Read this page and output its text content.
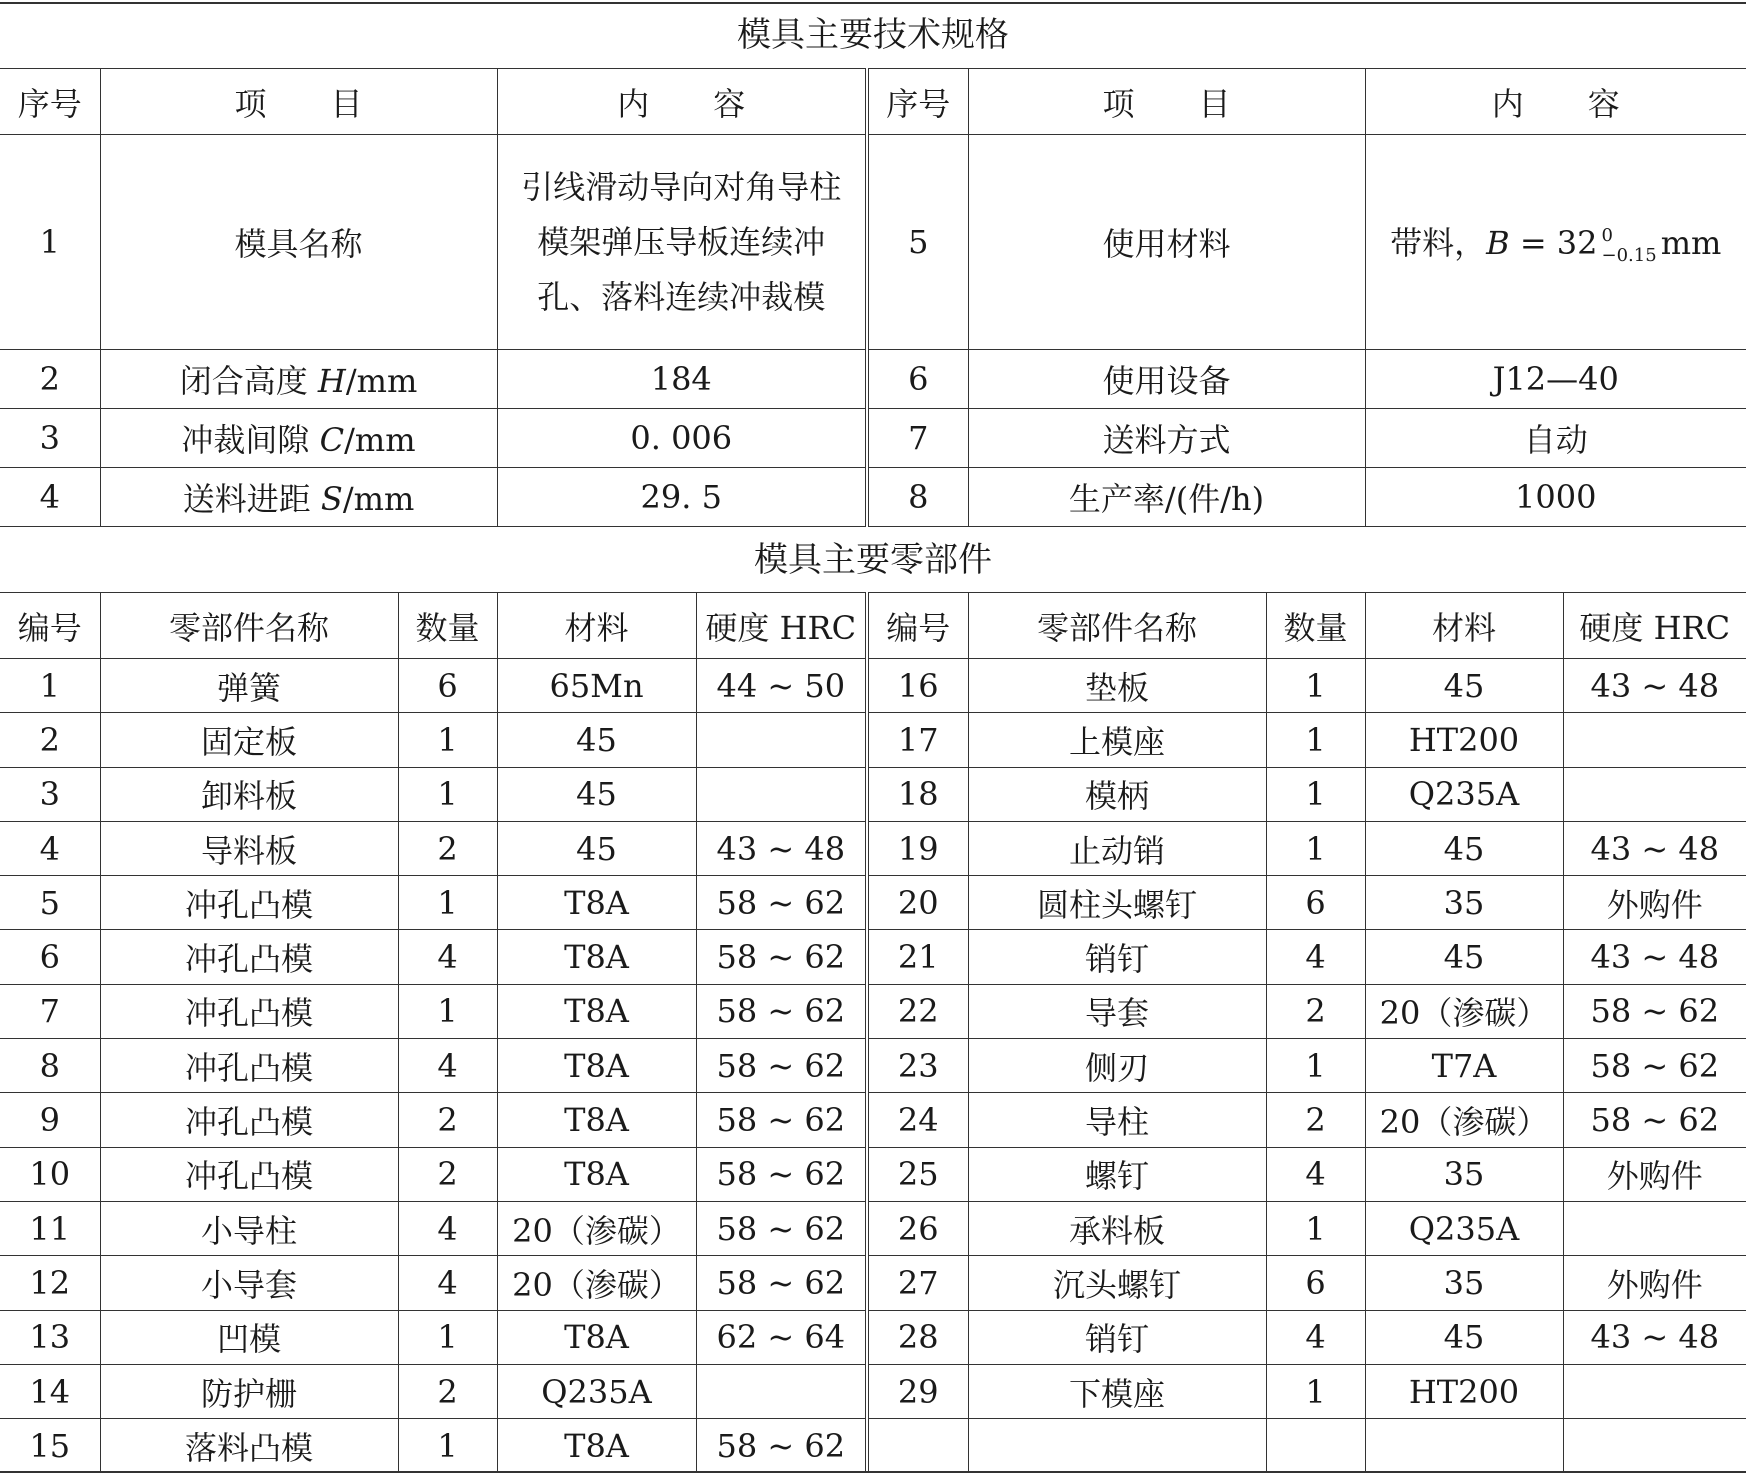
模具主要技术规格
序号	项　　目	内　　容	序号	项　　目	内　　容
1	模具名称	引线滑动导向对角导柱模架弹压导板连续冲孔、落料连续冲裁模	5	使用材料	带料，B = 32 0
−0.15 mm
2	闭合高度 H/mm	184	6	使用设备	J12—40
3	冲裁间隙 C/mm	0. 006	7	送料方式	自动
4	送料进距 S/mm	29. 5	8	生产率/(件/h)	1000
模具主要零部件
编号	零部件名称	数量	材料	硬度 HRC	编号	零部件名称	数量	材料	硬度 HRC
1	弹簧	6	65Mn	44 ~ 50	16	垫板	1	45	43 ~ 48
2	固定板	1	45		17	上模座	1	HT200	
3	卸料板	1	45		18	模柄	1	Q235A	
4	导料板	2	45	43 ~ 48	19	止动销	1	45	43 ~ 48
5	冲孔凸模	1	T8A	58 ~ 62	20	圆柱头螺钉	6	35	外购件
6	冲孔凸模	4	T8A	58 ~ 62	21	销钉	4	45	43 ~ 48
7	冲孔凸模	1	T8A	58 ~ 62	22	导套	2	20（渗碳）	58 ~ 62
8	冲孔凸模	4	T8A	58 ~ 62	23	侧刃	1	T7A	58 ~ 62
9	冲孔凸模	2	T8A	58 ~ 62	24	导柱	2	20（渗碳）	58 ~ 62
10	冲孔凸模	2	T8A	58 ~ 62	25	螺钉	4	35	外购件
11	小导柱	4	20（渗碳）	58 ~ 62	26	承料板	1	Q235A	
12	小导套	4	20（渗碳）	58 ~ 62	27	沉头螺钉	6	35	外购件
13	凹模	1	T8A	62 ~ 64	28	销钉	4	45	43 ~ 48
14	防护栅	2	Q235A		29	下模座	1	HT200	
15	落料凸模	1	T8A	58 ~ 62					
